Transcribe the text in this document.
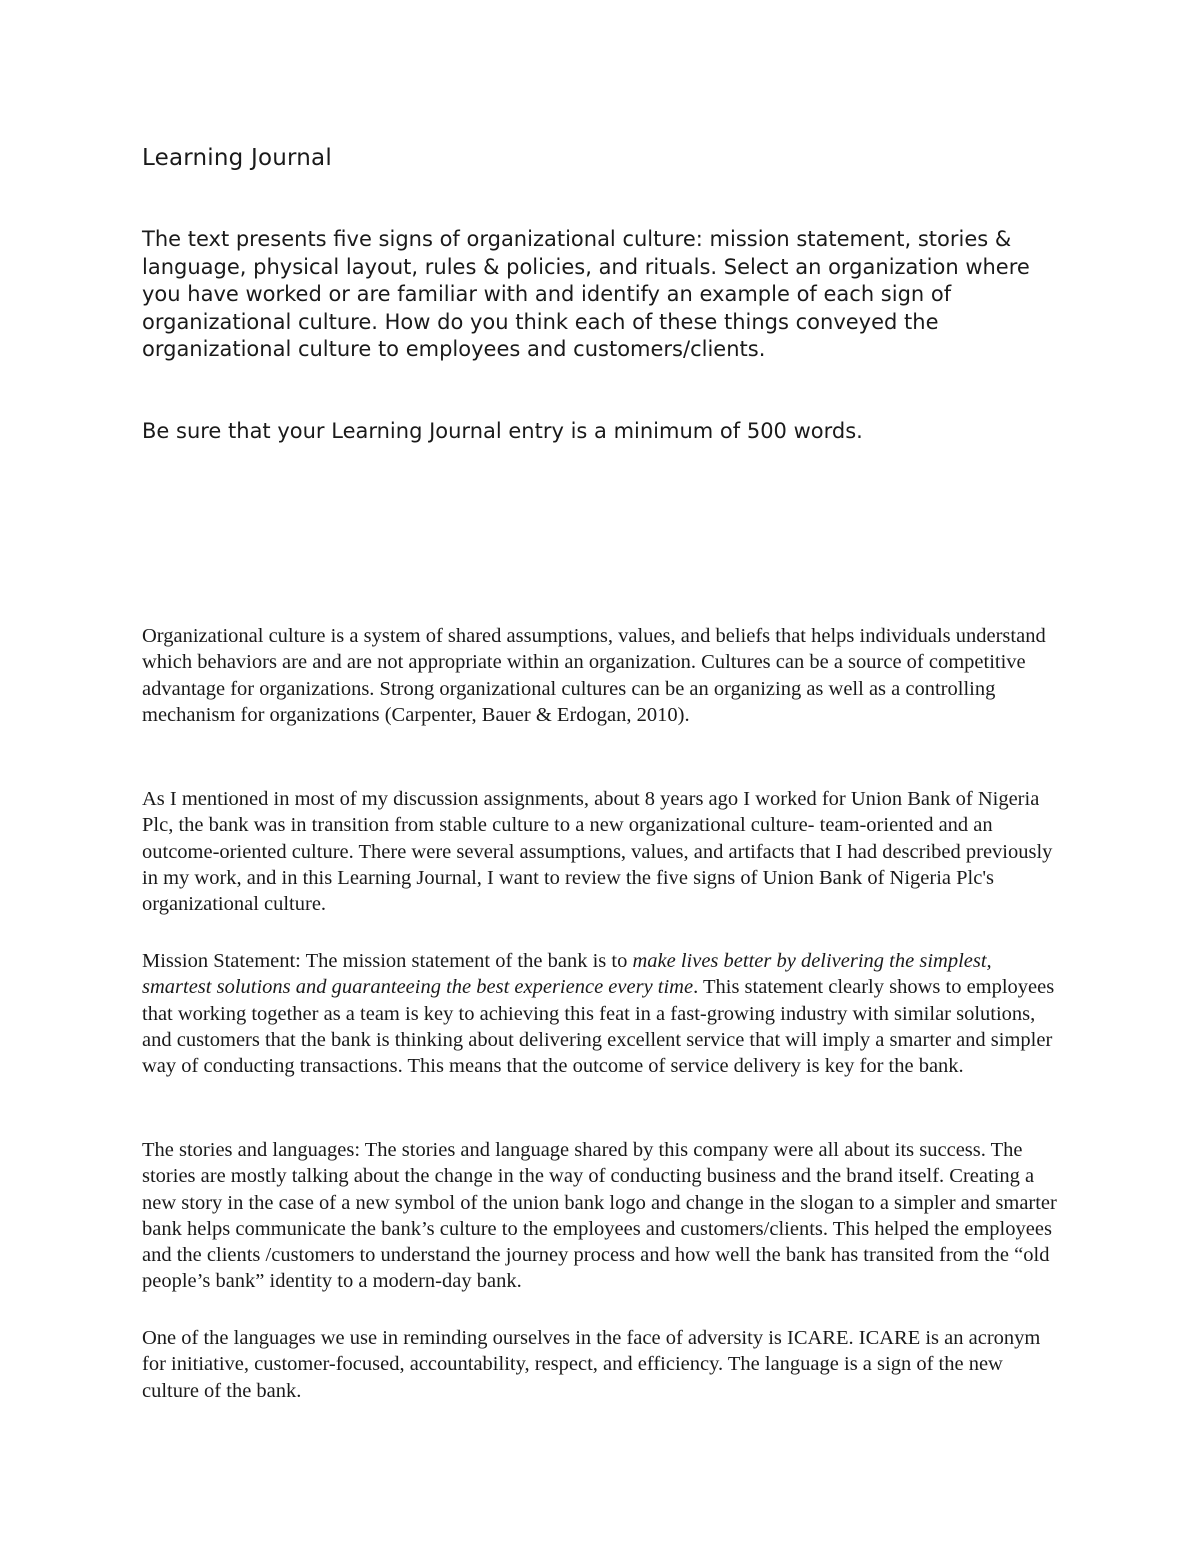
Learning Journal

The text presents five signs of organizational culture: mission statement, stories & language, physical layout, rules & policies, and rituals. Select an organization where you have worked or are familiar with and identify an example of each sign of organizational culture. How do you think each of these things conveyed the organizational culture to employees and customers/clients.

Be sure that your Learning Journal entry is a minimum of 500 words.

Organizational culture is a system of shared assumptions, values, and beliefs that helps individuals understand which behaviors are and are not appropriate within an organization. Cultures can be a source of competitive advantage for organizations. Strong organizational cultures can be an organizing as well as a controlling mechanism for organizations (Carpenter, Bauer & Erdogan, 2010).

As I mentioned in most of my discussion assignments, about 8 years ago I worked for Union Bank of Nigeria Plc, the bank was in transition from stable culture to a new organizational culture- team-oriented and an outcome-oriented culture. There were several assumptions, values, and artifacts that I had described previously in my work, and in this Learning Journal, I want to review the five signs of Union Bank of Nigeria Plc's organizational culture.

Mission Statement: The mission statement of the bank is to make lives better by delivering the simplest, smartest solutions and guaranteeing the best experience every time. This statement clearly shows to employees that working together as a team is key to achieving this feat in a fast-growing industry with similar solutions, and customers that the bank is thinking about delivering excellent service that will imply a smarter and simpler way of conducting transactions. This means that the outcome of service delivery is key for the bank.

The stories and languages: The stories and language shared by this company were all about its success. The stories are mostly talking about the change in the way of conducting business and the brand itself. Creating a new story in the case of a new symbol of the union bank logo and change in the slogan to a simpler and smarter bank helps communicate the bank’s culture to the employees and customers/clients. This helped the employees and the clients /customers to understand the journey process and how well the bank has transited from the “old people’s bank” identity to a modern-day bank.

One of the languages we use in reminding ourselves in the face of adversity is ICARE. ICARE is an acronym for initiative, customer-focused, accountability, respect, and efficiency. The language is a sign of the new culture of the bank.
